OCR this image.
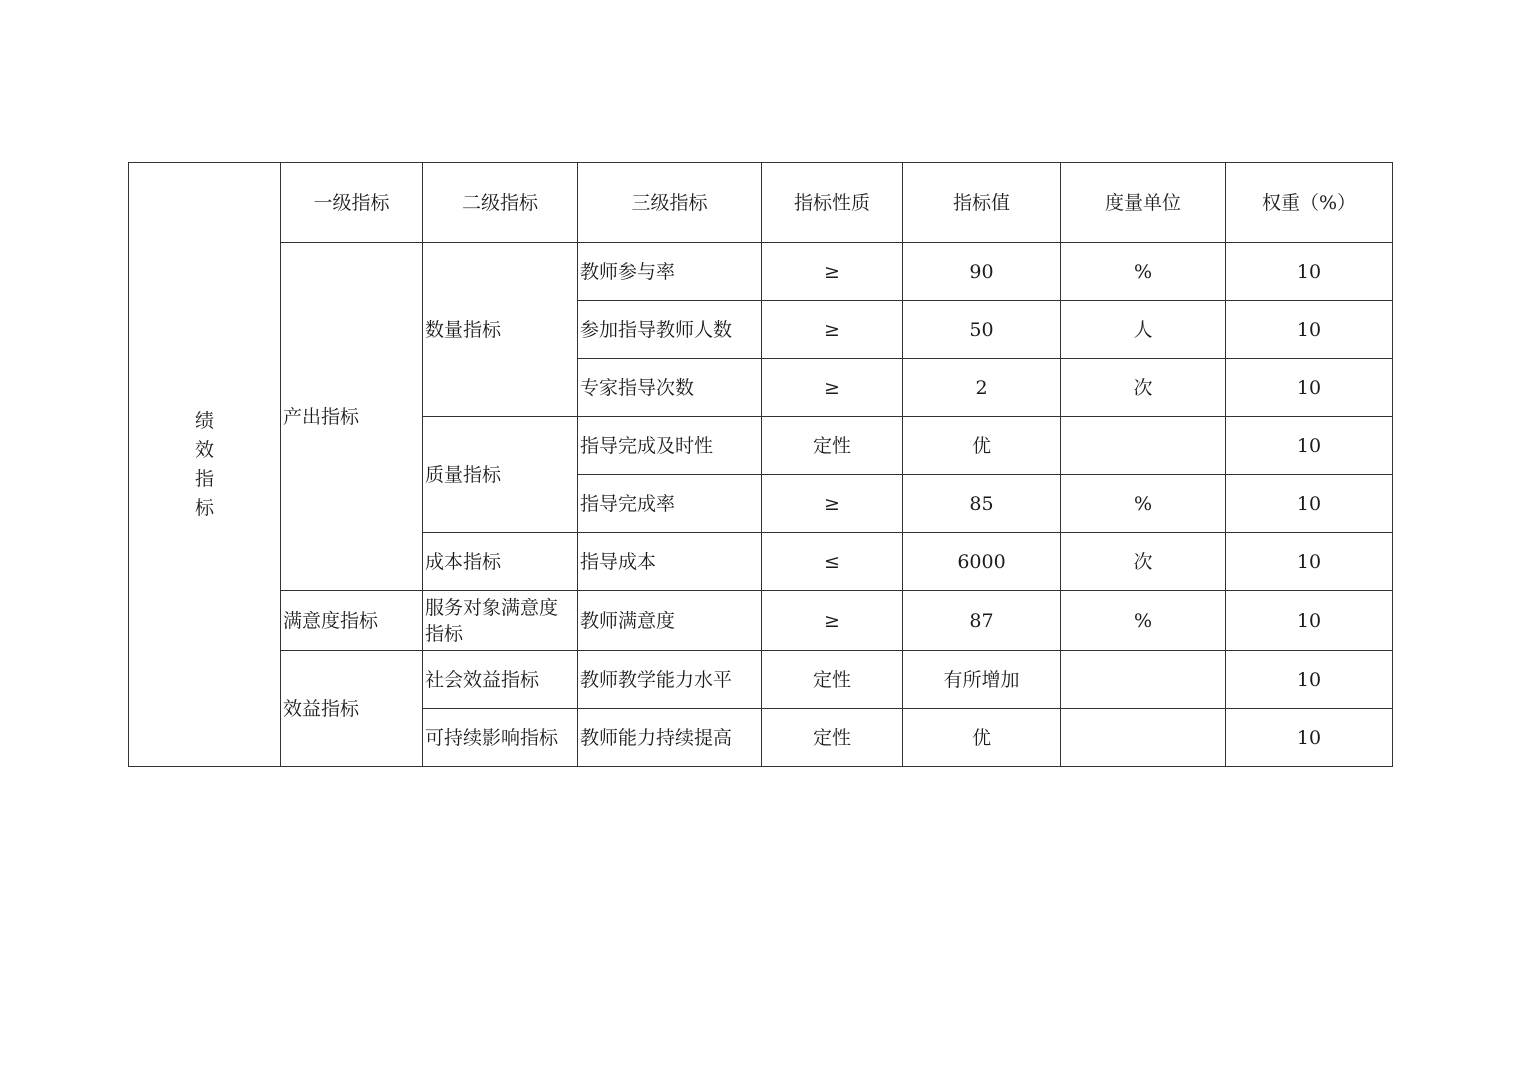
绩
效
指
标	一级指标	二级指标	三级指标	指标性质	指标值	度量单位	权重（%）
	产出指标	数量指标	教师参与率	≥	90	%	10
			参加指导教师人数	≥	50	人	10
			专家指导次数	≥	2	次	10
		质量指标	指导完成及时性	定性	优		10
			指导完成率	≥	85	%	10
		成本指标	指导成本	≤	6000	次	10
	满意度指标	服务对象满意度指标	教师满意度	≥	87	%	10
	效益指标	社会效益指标	教师教学能力水平	定性	有所增加		10
		可持续影响指标	教师能力持续提高	定性	优		10
